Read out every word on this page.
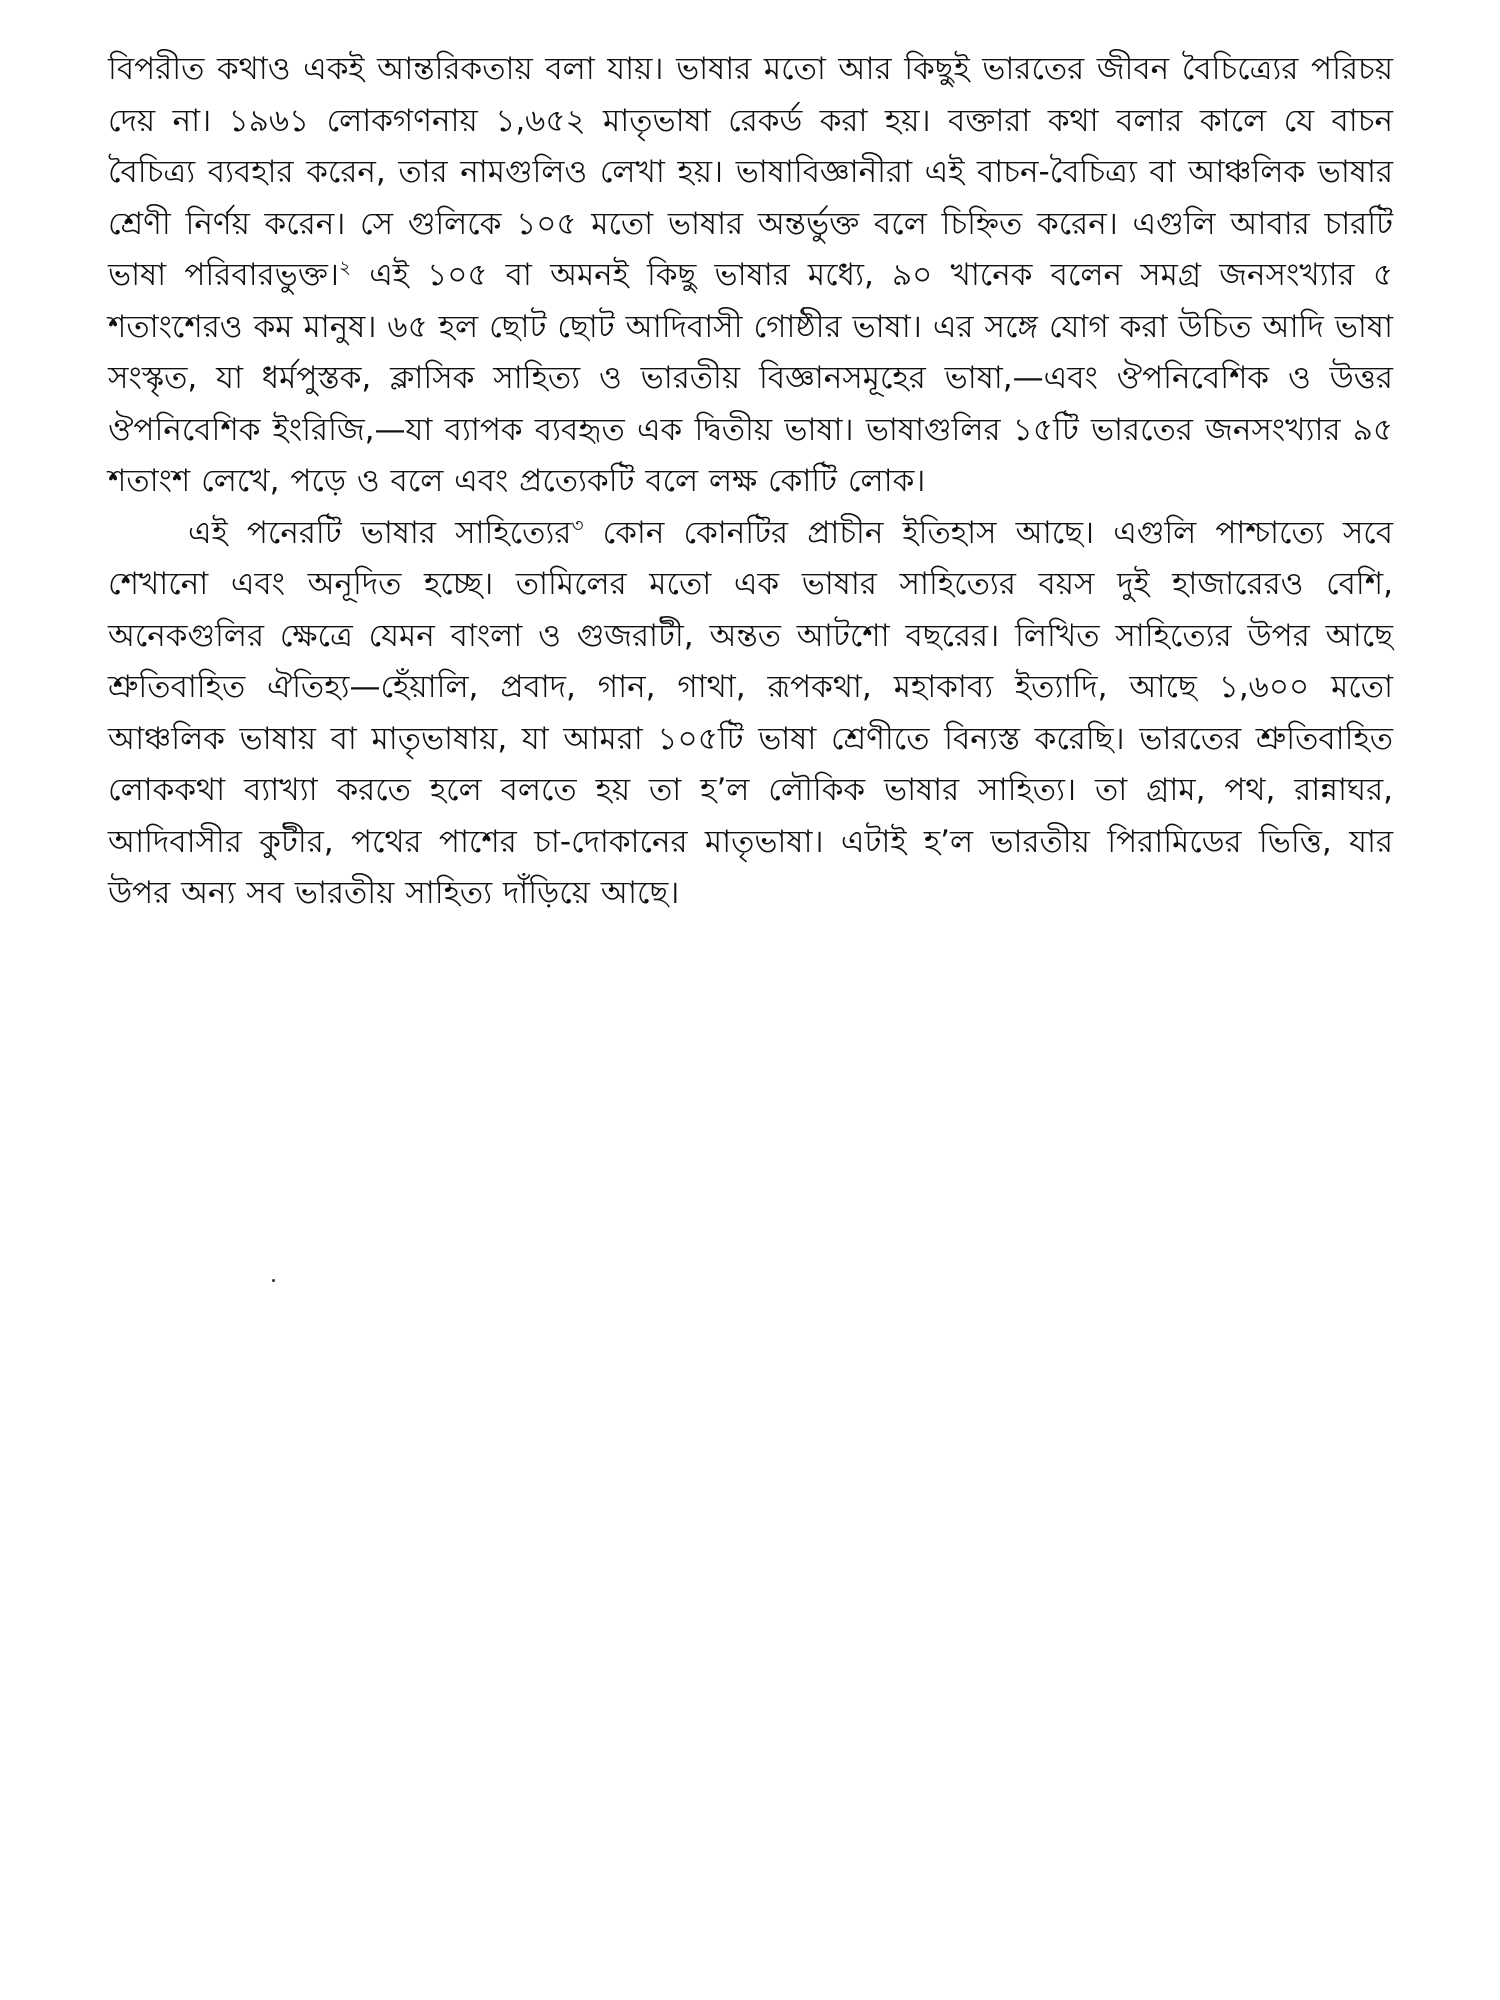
বিপরীত কথাও একই আন্তরিকতায় বলা যায়। ভাষার মতো আর কিছুই ভারতের জীবন বৈচিত্র্যের পরিচয় দেয় না। ১৯৬১ লোকগণনায় ১,৬৫২ মাতৃভাষা রেকর্ড করা হয়। বক্তারা কথা বলার কালে যে বাচন বৈচিত্র্য ব্যবহার করেন, তার নামগুলিও লেখা হয়। ভাষাবিজ্ঞানীরা এই বাচন-বৈচিত্র্য বা আঞ্চলিক ভাষার শ্রেণী নির্ণয় করেন। সে গুলিকে ১০৫ মতো ভাষার অন্তর্ভুক্ত বলে চিহ্নিত করেন। এগুলি আবার চারটি ভাষা পরিবারভুক্ত।$^২$ এই ১০৫ বা অমনই কিছু ভাষার মধ্যে, ৯০ খানেক বলেন সমগ্র জনসংখ্যার ৫ শতাংশেরও কম মানুষ। ৬৫ হল ছোট ছোট আদিবাসী গোষ্ঠীর ভাষা। এর সঙ্গে যোগ করা উচিত আদি ভাষা সংস্কৃত, যা ধর্মপুস্তক, ক্লাসিক সাহিত্য ও ভারতীয় বিজ্ঞানসমূহের ভাষা,—এবং ঔপনিবেশিক ও উত্তর ঔপনিবেশিক ইংরিজি,—যা ব্যাপক ব্যবহৃত এক দ্বিতীয় ভাষা। ভাষাগুলির ১৫টি ভারতের জনসংখ্যার ৯৫ শতাংশ লেখে, পড়ে ও বলে এবং প্রত্যেকটি বলে লক্ষ কোটি লোক।

এই পনেরটি ভাষার সাহিত্যের$^৩$ কোন কোনটির প্রাচীন ইতিহাস আছে। এগুলি পাশ্চাত্যে সবে শেখানো এবং অনূদিত হচ্ছে। তামিলের মতো এক ভাষার সাহিত্যের বয়স দুই হাজারেরও বেশি, অনেকগুলির ক্ষেত্রে যেমন বাংলা ও গুজরাটী, অন্তত আটশো বছরের। লিখিত সাহিত্যের উপর আছে শ্রুতিবাহিত ঐতিহ্য—হেঁয়ালি, প্রবাদ, গান, গাথা, রূপকথা, মহাকাব্য ইত্যাদি, আছে ১,৬০০ মতো আঞ্চলিক ভাষায় বা মাতৃভাষায়, যা আমরা ১০৫টি ভাষা শ্রেণীতে বিন্যস্ত করেছি। ভারতের শ্রুতিবাহিত লোককথা ব্যাখ্যা করতে হলে বলতে হয় তা হ’ল লৌকিক ভাষার সাহিত্য। তা গ্রাম, পথ, রান্নাঘর, আদিবাসীর কুটীর, পথের পাশের চা-দোকানের মাতৃভাষা। এটাই হ’ল ভারতীয় পিরামিডের ভিত্তি, যার উপর অন্য সব ভারতীয় সাহিত্য দাঁড়িয়ে আছে।
